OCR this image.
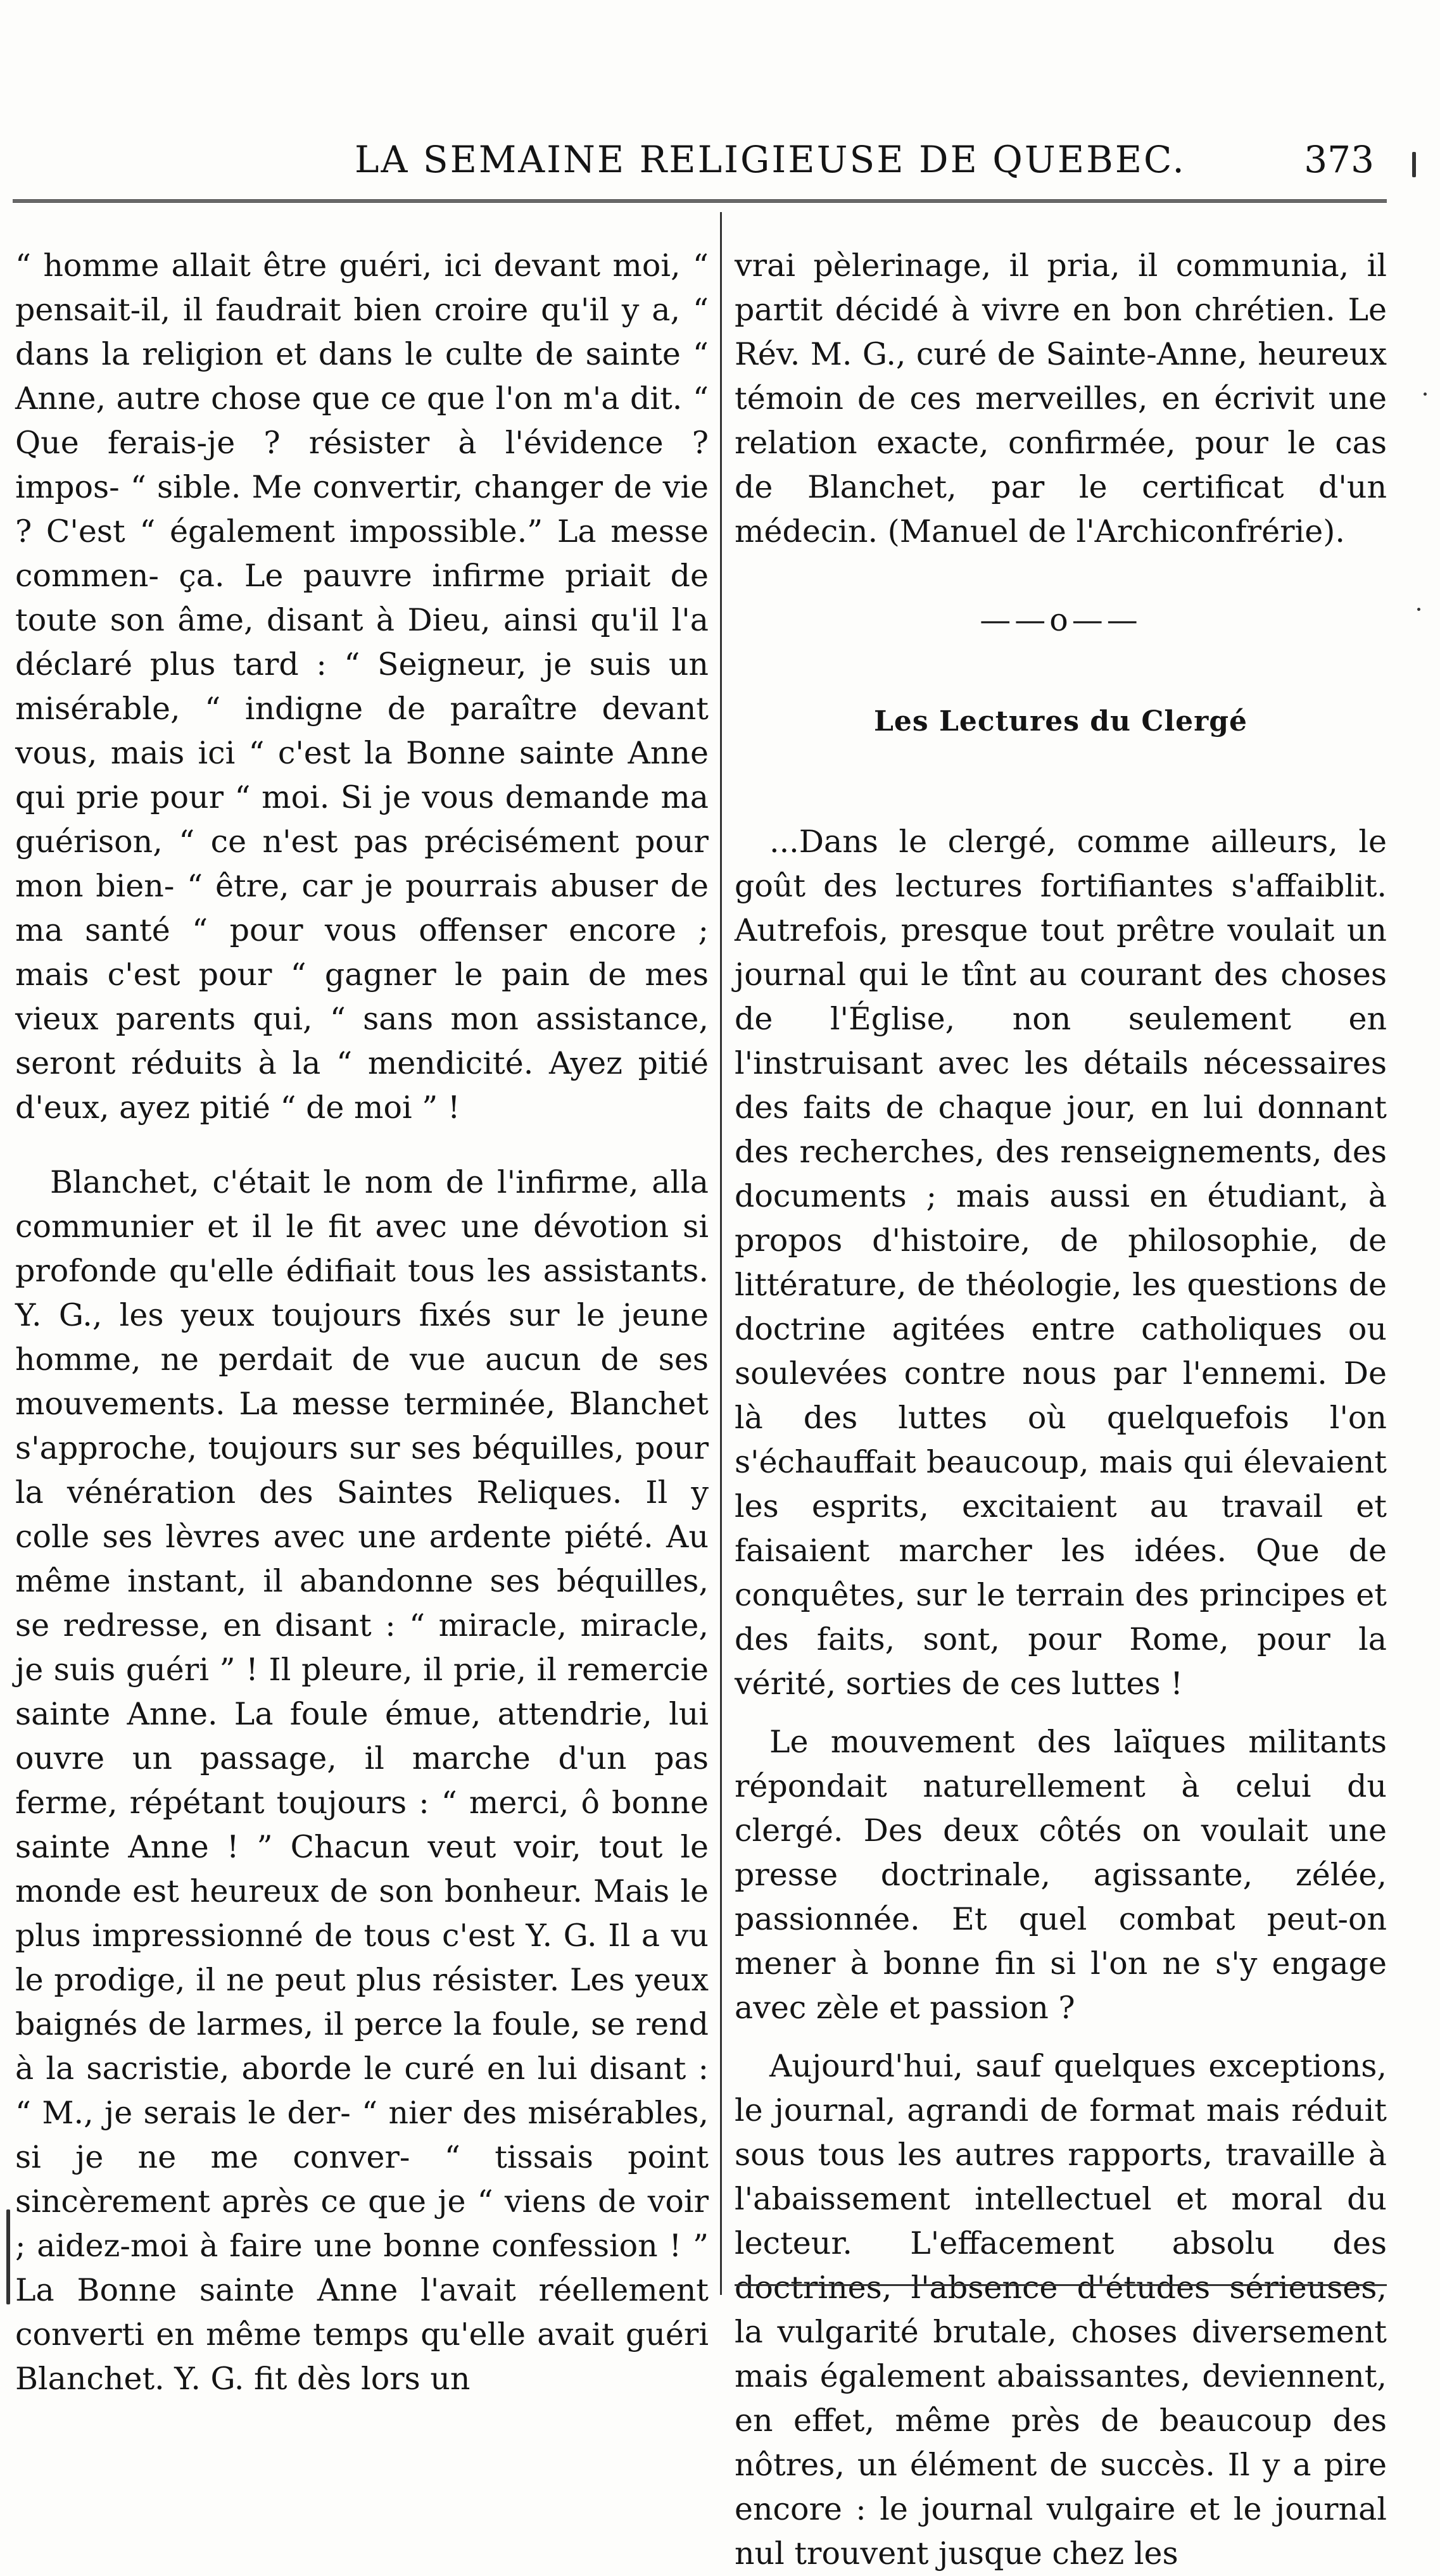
LA SEMAINE RELIGIEUSE DE QUEBEC.	373

“ homme allait être guéri, ici devant moi, “ pensait-il, il faudrait bien croire qu'il y a, “ dans la religion et dans le culte de sainte “ Anne, autre chose que ce que l'on m'a dit. “ Que ferais-je ? résister à l'évidence ? impos- “ sible. Me convertir, changer de vie ? C'est “ également impossible.” La messe commen- ça. Le pauvre infirme priait de toute son âme, disant à Dieu, ainsi qu'il l'a déclaré plus tard : “ Seigneur, je suis un misérable, “ indigne de paraître devant vous, mais ici “ c'est la Bonne sainte Anne qui prie pour “ moi. Si je vous demande ma guérison, “ ce n'est pas précisément pour mon bien- “ être, car je pourrais abuser de ma santé “ pour vous offenser encore ; mais c'est pour “ gagner le pain de mes vieux parents qui, “ sans mon assistance, seront réduits à la “ mendicité. Ayez pitié d'eux, ayez pitié “ de moi ” !

Blanchet, c'était le nom de l'infirme, alla communier et il le fit avec une dévotion si profonde qu'elle édifiait tous les assistants. Y. G., les yeux toujours fixés sur le jeune homme, ne perdait de vue aucun de ses mouvements. La messe terminée, Blanchet s'approche, toujours sur ses béquilles, pour la vénération des Saintes Reliques. Il y colle ses lèvres avec une ardente piété. Au même instant, il abandonne ses béquilles, se redresse, en disant : “ miracle, miracle, je suis guéri ” ! Il pleure, il prie, il remercie sainte Anne. La foule émue, attendrie, lui ouvre un passage, il marche d'un pas ferme, répétant toujours : “ merci, ô bonne sainte Anne ! ” Chacun veut voir, tout le monde est heureux de son bonheur. Mais le plus impressionné de tous c'est Y. G. Il a vu le prodige, il ne peut plus résister. Les yeux baignés de larmes, il perce la foule, se rend à la sacristie, aborde le curé en lui disant : “ M., je serais le der- “ nier des misérables, si je ne me conver- “ tissais point sincèrement après ce que je “ viens de voir ; aidez-moi à faire une bonne confession ! ” La Bonne sainte Anne l'avait réellement converti en même temps qu'elle avait guéri Blanchet. Y. G. fit dès lors un

vrai pèlerinage, il pria, il communia, il partit décidé à vivre en bon chrétien. Le Rév. M. G., curé de Sainte-Anne, heureux témoin de ces merveilles, en écrivit une relation exacte, confirmée, pour le cas de Blanchet, par le certificat d'un médecin. (Manuel de l'Archiconfrérie).

——o——
Les Lectures du Clergé

...Dans le clergé, comme ailleurs, le goût des lectures fortifiantes s'affaiblit. Autrefois, presque tout prêtre voulait un journal qui le tînt au courant des choses de l'Église, non seulement en l'instruisant avec les détails nécessaires des faits de chaque jour, en lui donnant des recherches, des renseignements, des documents ; mais aussi en étudiant, à propos d'histoire, de philosophie, de littérature, de théologie, les questions de doctrine agitées entre catholiques ou soulevées contre nous par l'ennemi. De là des luttes où quelquefois l'on s'échauffait beaucoup, mais qui élevaient les esprits, excitaient au travail et faisaient marcher les idées. Que de conquêtes, sur le terrain des principes et des faits, sont, pour Rome, pour la vérité, sorties de ces luttes !

Le mouvement des laïques militants répondait naturellement à celui du clergé. Des deux côtés on voulait une presse doctrinale, agissante, zélée, passionnée. Et quel combat peut-on mener à bonne fin si l'on ne s'y engage avec zèle et passion ?

Aujourd'hui, sauf quelques exceptions, le journal, agrandi de format mais réduit sous tous les autres rapports, travaille à l'abaissement intellectuel et moral du lecteur. L'effacement absolu des doctrines, l'absence d'études sérieuses, la vulgarité brutale, choses diversement mais également abaissantes, deviennent, en effet, même près de beaucoup des nôtres, un élément de succès. Il y a pire encore : le journal vulgaire et le journal nul trouvent jusque chez les
